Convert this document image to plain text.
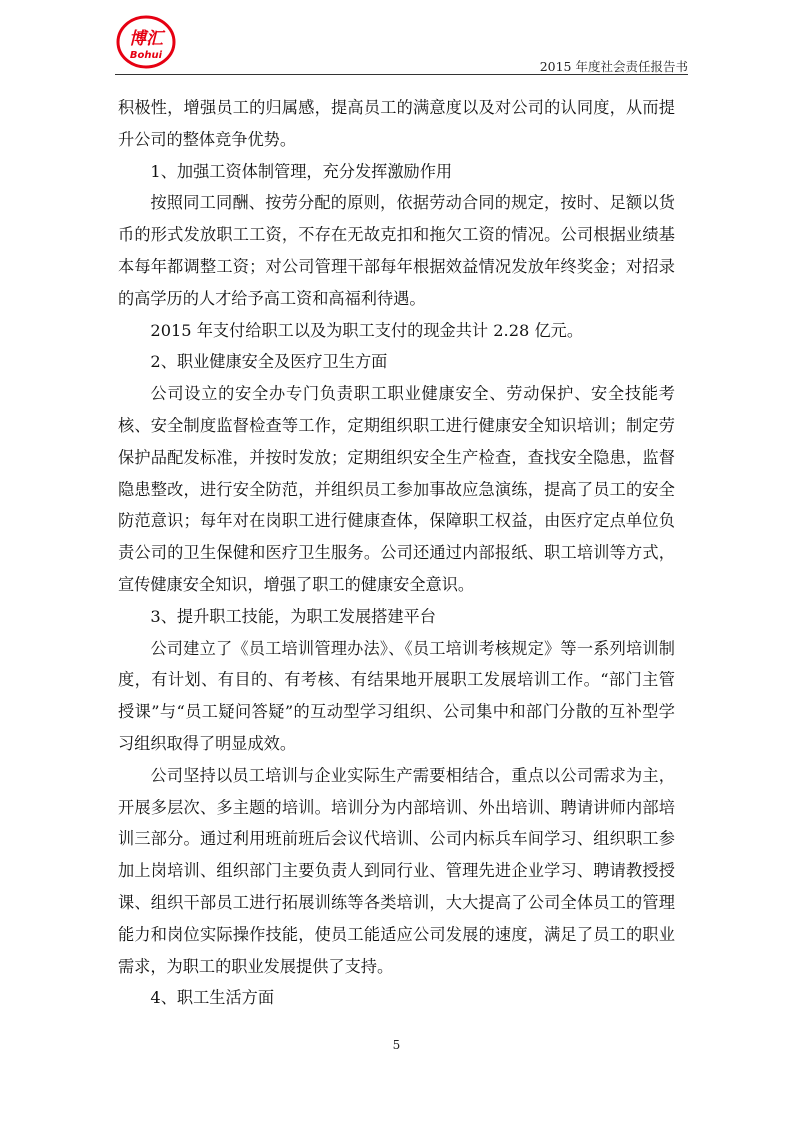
博汇
Bohui
2015 年度社会责任报告书

积极性，增强员工的归属感，提高员工的满意度以及对公司的认同度，从而提升公司的整体竞争优势。

1、加强工资体制管理，充分发挥激励作用

按照同工同酬、按劳分配的原则，依据劳动合同的规定，按时、足额以货币的形式发放职工工资，不存在无故克扣和拖欠工资的情况。公司根据业绩基本每年都调整工资；对公司管理干部每年根据效益情况发放年终奖金；对招录的高学历的人才给予高工资和高福利待遇。

2015 年支付给职工以及为职工支付的现金共计 2.28 亿元。

2、职业健康安全及医疗卫生方面

公司设立的安全办专门负责职工职业健康安全、劳动保护、安全技能考核、安全制度监督检查等工作，定期组织职工进行健康安全知识培训；制定劳保护品配发标准，并按时发放；定期组织安全生产检查，查找安全隐患，监督隐患整改，进行安全防范，并组织员工参加事故应急演练，提高了员工的安全防范意识；每年对在岗职工进行健康查体，保障职工权益，由医疗定点单位负责公司的卫生保健和医疗卫生服务。公司还通过内部报纸、职工培训等方式，宣传健康安全知识，增强了职工的健康安全意识。

3、提升职工技能，为职工发展搭建平台

公司建立了《员工培训管理办法》、《员工培训考核规定》等一系列培训制度，有计划、有目的、有考核、有结果地开展职工发展培训工作。“部门主管授课”与“员工疑问答疑”的互动型学习组织、公司集中和部门分散的互补型学习组织取得了明显成效。

公司坚持以员工培训与企业实际生产需要相结合，重点以公司需求为主，开展多层次、多主题的培训。培训分为内部培训、外出培训、聘请讲师内部培训三部分。通过利用班前班后会议代培训、公司内标兵车间学习、组织职工参加上岗培训、组织部门主要负责人到同行业、管理先进企业学习、聘请教授授课、组织干部员工进行拓展训练等各类培训，大大提高了公司全体员工的管理能力和岗位实际操作技能，使员工能适应公司发展的速度，满足了员工的职业需求，为职工的职业发展提供了支持。

4、职工生活方面

5
